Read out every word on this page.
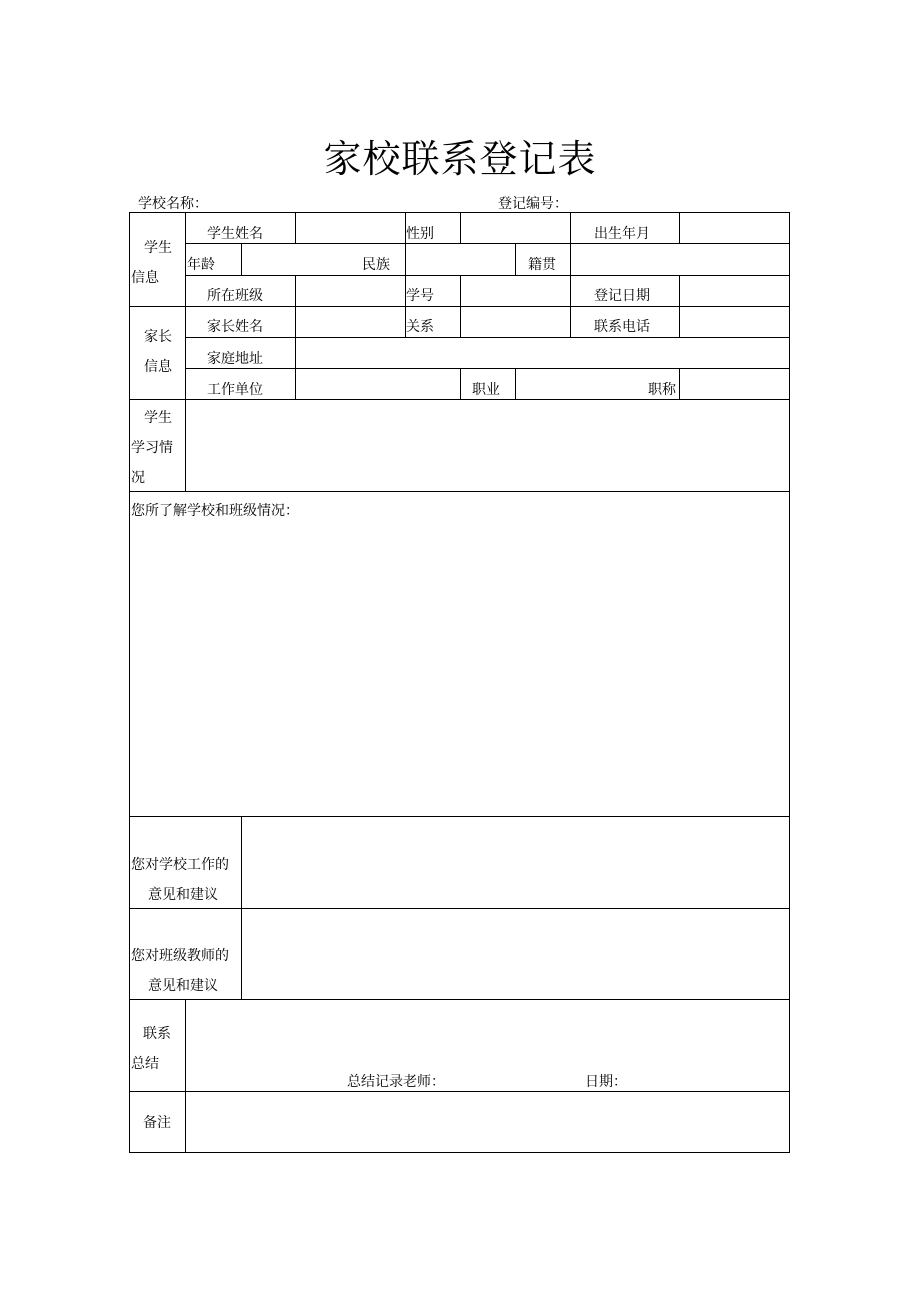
家校联系登记表
学校名称：	登记编号：
学生
信息
学生姓名	性别	出生年月
年龄	民族	籍贯
所在班级	学号	登记日期
家长
信息
家长姓名	关系	联系电话
家庭地址
工作单位	职业	职称
学生
学习情
况
您所了解学校和班级情况：
您对学校工作的
意见和建议
您对班级教师的
意见和建议
联系
总结
总结记录老师：	日期：
备注
